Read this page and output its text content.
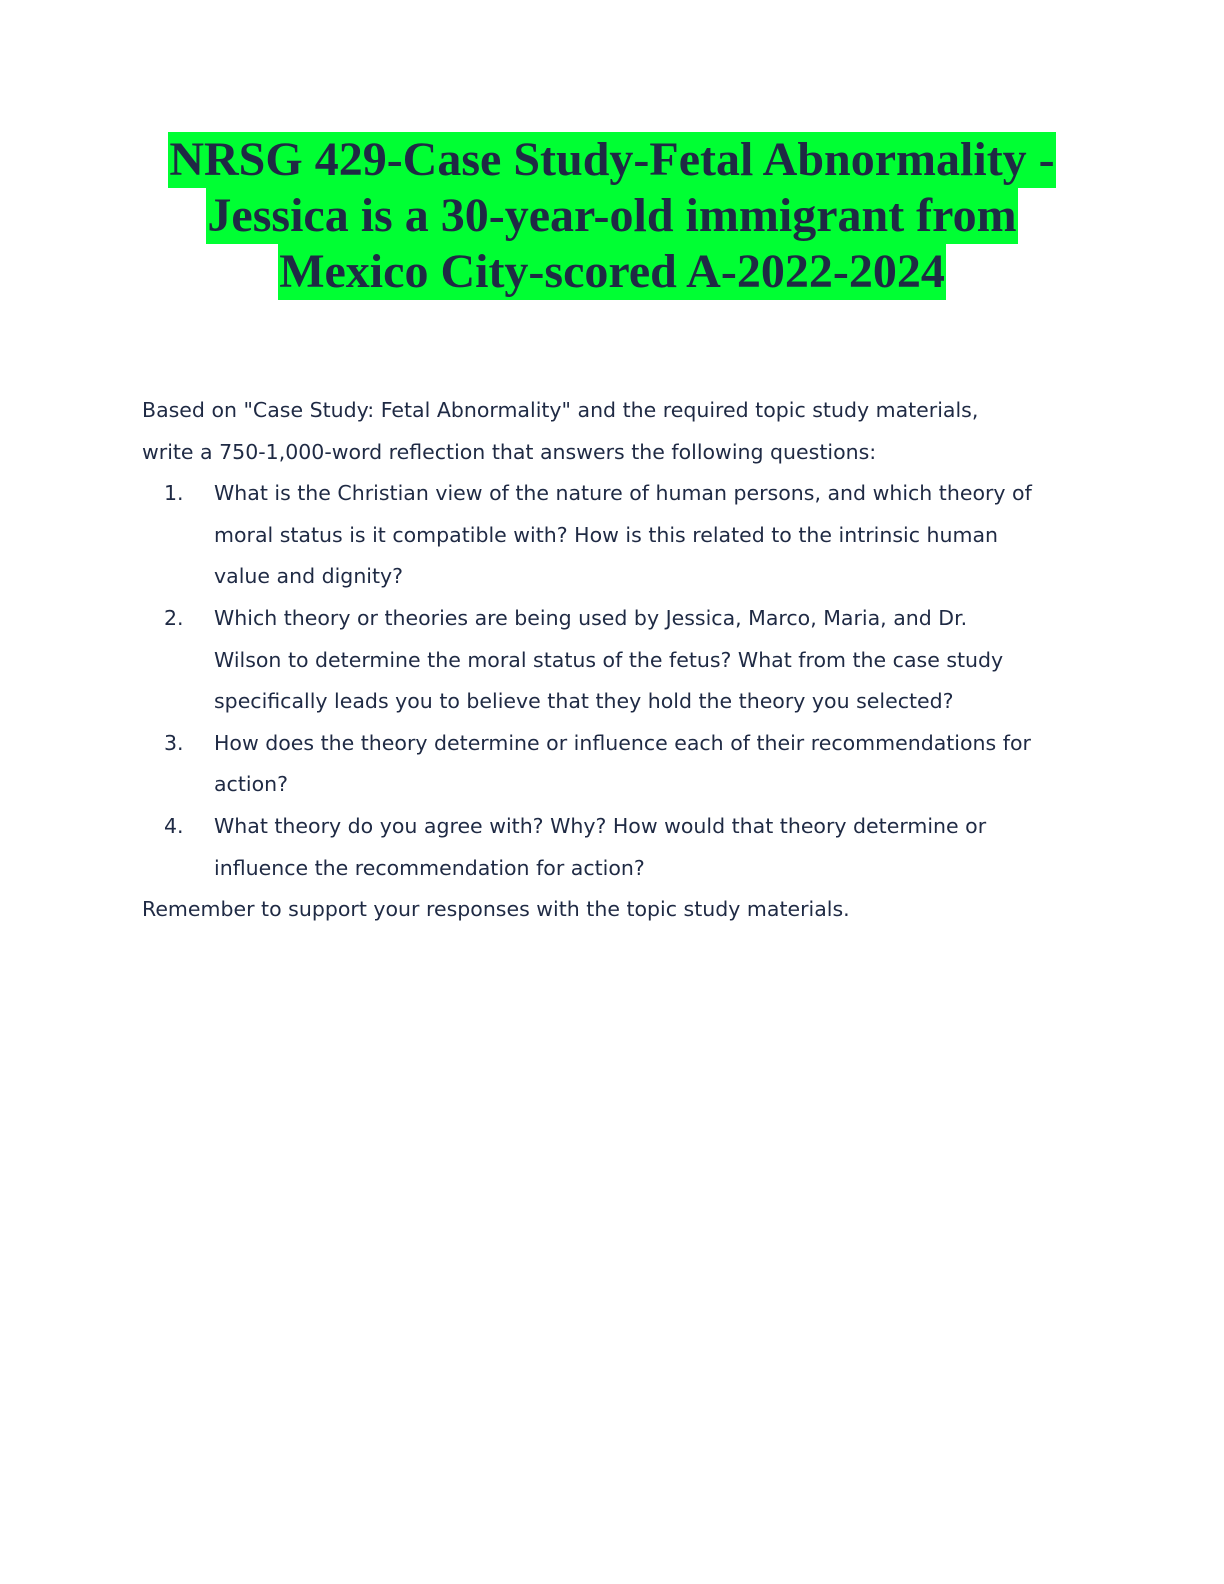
NRSG 429-Case Study-Fetal Abnormality -
Jessica is a 30-year-old immigrant from
Mexico City-scored A-2022-2024

Based on "Case Study: Fetal Abnormality" and the required topic study materials,

write a 750-1,000-word reflection that answers the following questions:

1. What is the Christian view of the nature of human persons, and which theory of
moral status is it compatible with? How is this related to the intrinsic human
value and dignity?
2. Which theory or theories are being used by Jessica, Marco, Maria, and Dr.
Wilson to determine the moral status of the fetus? What from the case study
specifically leads you to believe that they hold the theory you selected?
3. How does the theory determine or influence each of their recommendations for
action?
4. What theory do you agree with? Why? How would that theory determine or
influence the recommendation for action?

Remember to support your responses with the topic study materials.
